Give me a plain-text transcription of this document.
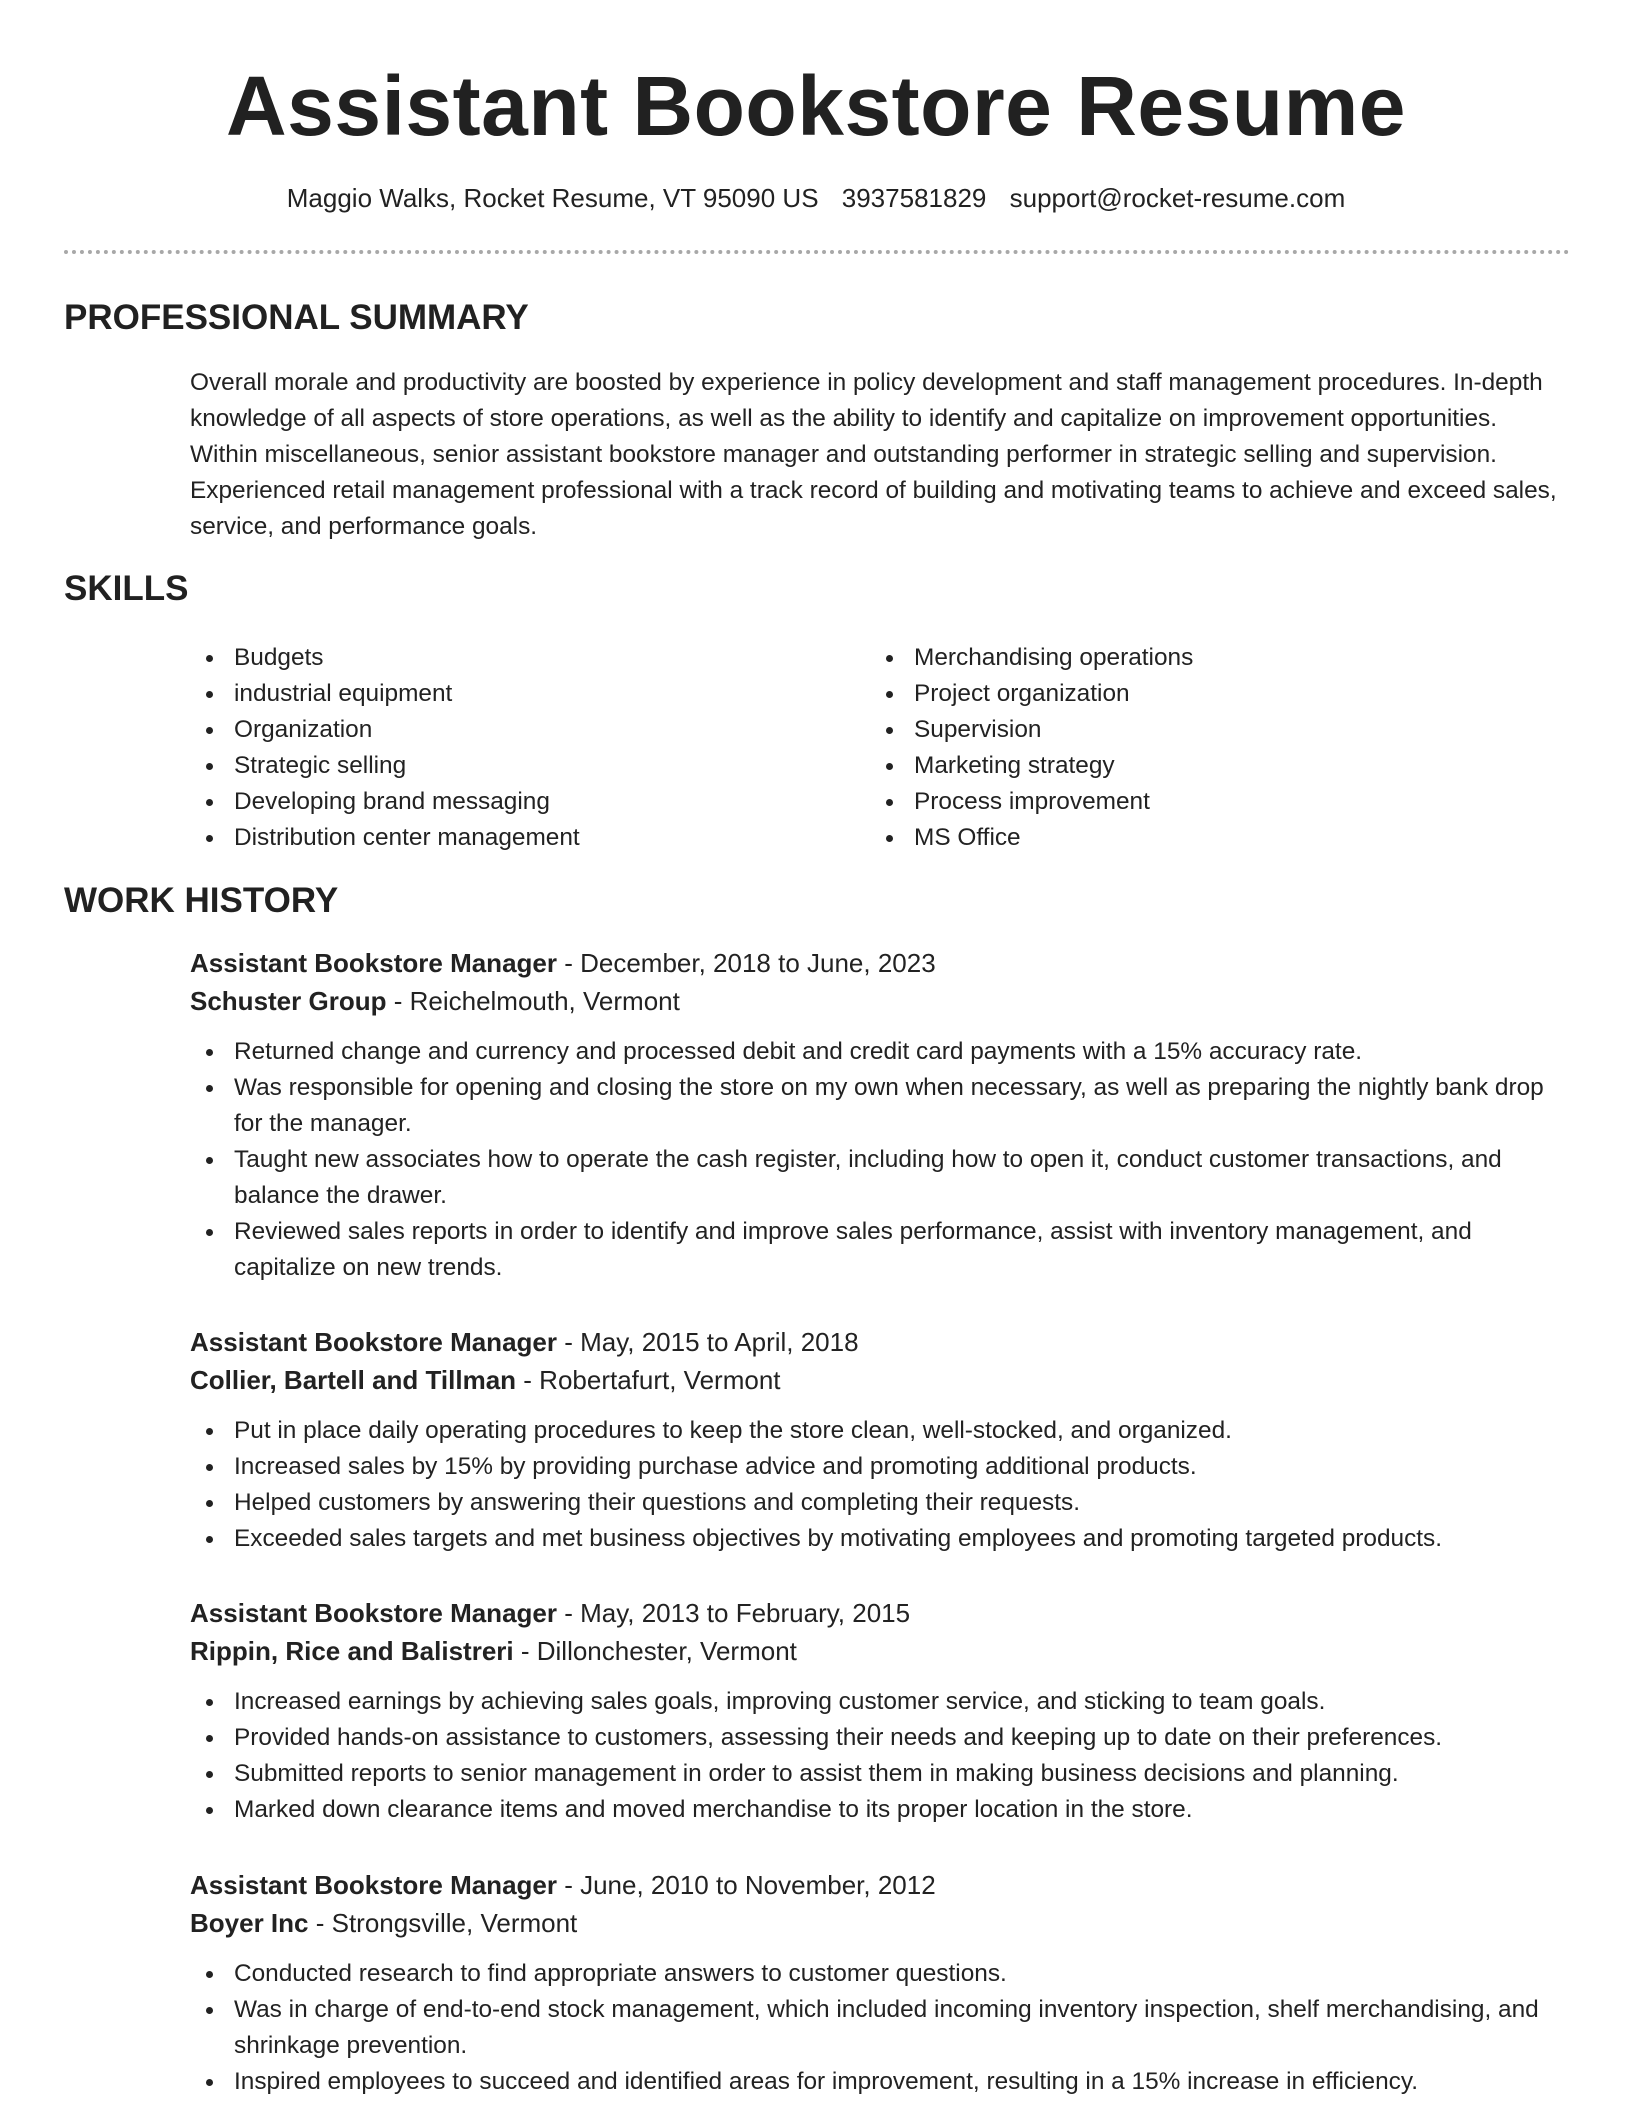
Assistant Bookstore Resume
Maggio Walks, Rocket Resume, VT 95090 US 3937581829 support@rocket-resume.com
PROFESSIONAL SUMMARY

Overall morale and productivity are boosted by experience in policy development and staff management procedures. In-depth knowledge of all aspects of store operations, as well as the ability to identify and capitalize on improvement opportunities. Within miscellaneous, senior assistant bookstore manager and outstanding performer in strategic selling and supervision. Experienced retail management professional with a track record of building and motivating teams to achieve and exceed sales, service, and performance goals.

SKILLS
Budgets
industrial equipment
Organization
Strategic selling
Developing brand messaging
Distribution center management
Merchandising operations
Project organization
Supervision
Marketing strategy
Process improvement
MS Office
WORK HISTORY
Assistant Bookstore Manager - December, 2018 to June, 2023
Schuster Group - Reichelmouth, Vermont
Returned change and currency and processed debit and credit card payments with a 15% accuracy rate.
Was responsible for opening and closing the store on my own when necessary, as well as preparing the nightly bank drop for the manager.
Taught new associates how to operate the cash register, including how to open it, conduct customer transactions, and balance the drawer.
Reviewed sales reports in order to identify and improve sales performance, assist with inventory management, and capitalize on new trends.
Assistant Bookstore Manager - May, 2015 to April, 2018
Collier, Bartell and Tillman - Robertafurt, Vermont
Put in place daily operating procedures to keep the store clean, well-stocked, and organized.
Increased sales by 15% by providing purchase advice and promoting additional products.
Helped customers by answering their questions and completing their requests.
Exceeded sales targets and met business objectives by motivating employees and promoting targeted products.
Assistant Bookstore Manager - May, 2013 to February, 2015
Rippin, Rice and Balistreri - Dillonchester, Vermont
Increased earnings by achieving sales goals, improving customer service, and sticking to team goals.
Provided hands-on assistance to customers, assessing their needs and keeping up to date on their preferences.
Submitted reports to senior management in order to assist them in making business decisions and planning.
Marked down clearance items and moved merchandise to its proper location in the store.
Assistant Bookstore Manager - June, 2010 to November, 2012
Boyer Inc - Strongsville, Vermont
Conducted research to find appropriate answers to customer questions.
Was in charge of end-to-end stock management, which included incoming inventory inspection, shelf merchandising, and shrinkage prevention.
Inspired employees to succeed and identified areas for improvement, resulting in a 15% increase in efficiency.
